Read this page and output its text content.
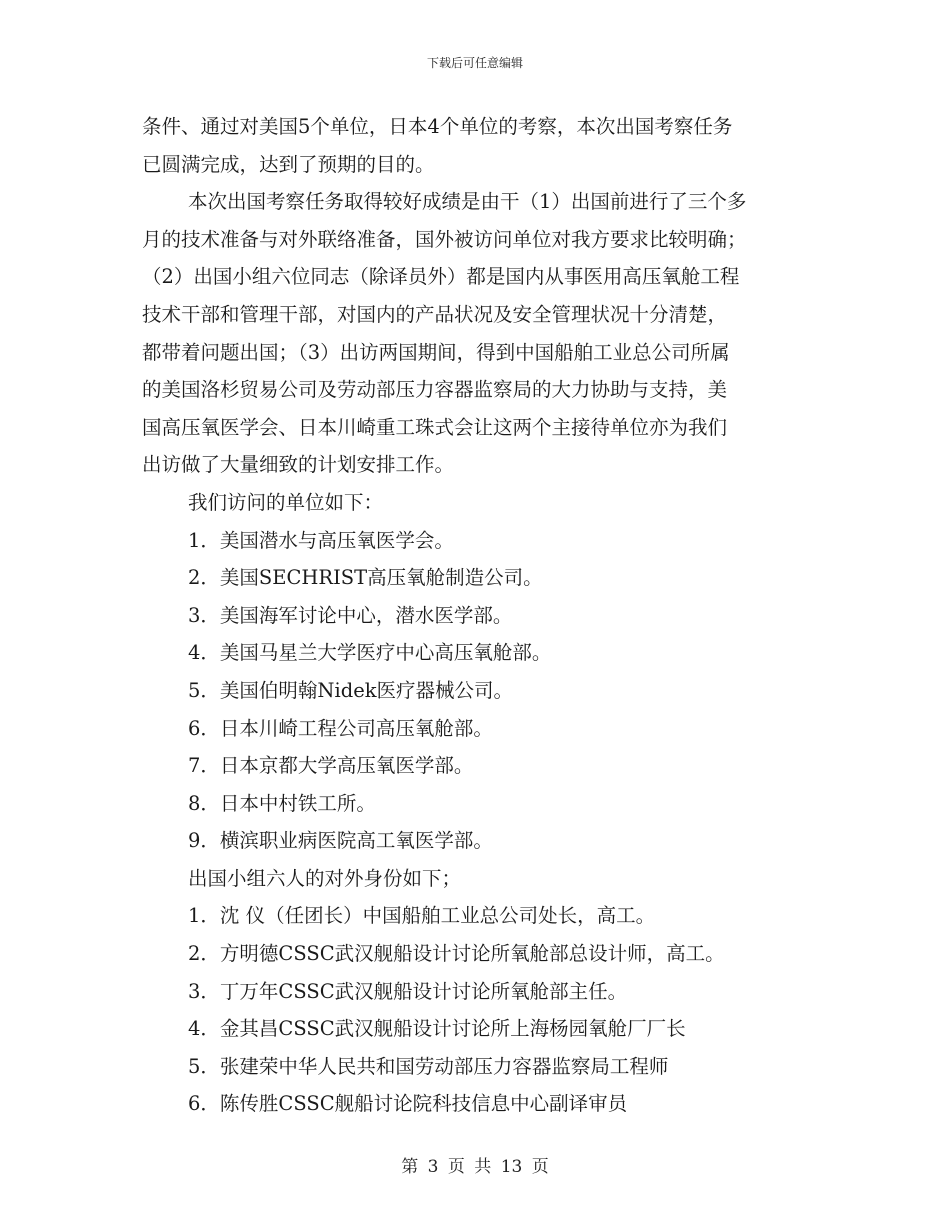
下载后可任意编辑
条件、通过对美国5个单位，日本4个单位的考察，本次出国考察任务
已圆满完成，达到了预期的目的。
本次出国考察任务取得较好成绩是由干（1）出国前进行了三个多
月的技术准备与对外联络准备，国外被访问单位对我方要求比较明确；
（2）出国小组六位同志（除译员外）都是国内从事医用高压氧舱工程
技术干部和管理干部，对国内的产品状况及安全管理状况十分清楚，
都带着问题出国；（3）出访两国期间，得到中国船舶工业总公司所属
的美国洛杉贸易公司及劳动部压力容器监察局的大力协助与支持，美
国高压氧医学会、日本川崎重工珠式会让这两个主接待单位亦为我们
出访做了大量细致的计划安排工作。
我们访问的单位如下：
1．美国潜水与高压氧医学会。
2．美国SECHRIST高压氧舱制造公司。
3．美国海军讨论中心，潜水医学部。
4．美国马星兰大学医疗中心高压氧舱部。
5．美国伯明翰Nidek医疗器械公司。
6．日本川崎工程公司高压氧舱部。
7．日本京都大学高压氧医学部。
8．日本中村铁工所。
9．横滨职业病医院高工氧医学部。
出国小组六人的对外身份如下；
1．沈 仪（任团长）中国船舶工业总公司处长，高工。
2．方明德CSSC武汉舰船设计讨论所氧舱部总设计师，高工。
3．丁万年CSSC武汉舰船设计讨论所氧舱部主任。
4．金其昌CSSC武汉舰船设计讨论所上海杨园氧舱厂厂长
5．张建荣中华人民共和国劳动部压力容器监察局工程师
6．陈传胜CSSC舰船讨论院科技信息中心副译审员
第 3 页 共 13 页
